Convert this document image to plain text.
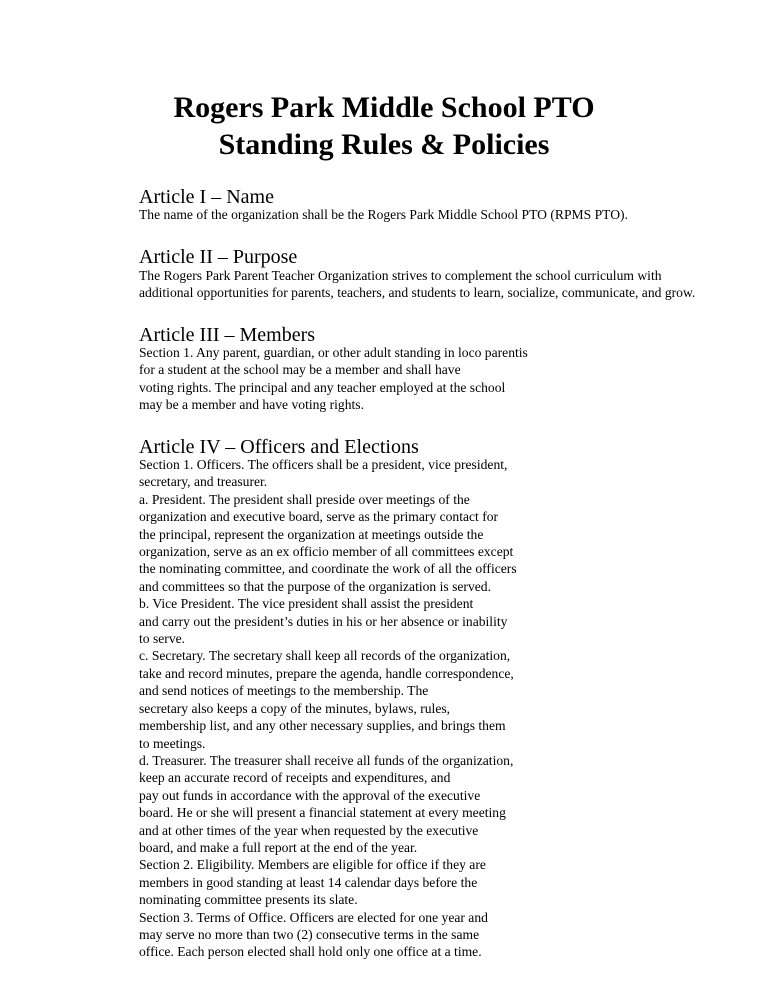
Rogers Park Middle School PTO
Standing Rules & Policies
Article I – Name
The name of the organization shall be the Rogers Park Middle School PTO (RPMS PTO).
Article II – Purpose
The Rogers Park Parent Teacher Organization strives to complement the school curriculum with
additional opportunities for parents, teachers, and students to learn, socialize, communicate, and grow.
Article III – Members
Section 1. Any parent, guardian, or other adult standing in loco parentis
for a student at the school may be a member and shall have
voting rights. The principal and any teacher employed at the school
may be a member and have voting rights.
Article IV – Officers and Elections
Section 1. Officers. The officers shall be a president, vice president,
secretary, and treasurer.
a. President. The president shall preside over meetings of the
organization and executive board, serve as the primary contact for
the principal, represent the organization at meetings outside the
organization, serve as an ex officio member of all committees except
the nominating committee, and coordinate the work of all the officers
and committees so that the purpose of the organization is served.
b. Vice President. The vice president shall assist the president
and carry out the president’s duties in his or her absence or inability
to serve.
c. Secretary. The secretary shall keep all records of the organization,
take and record minutes, prepare the agenda, handle correspondence,
and send notices of meetings to the membership. The
secretary also keeps a copy of the minutes, bylaws, rules,
membership list, and any other necessary supplies, and brings them
to meetings.
d. Treasurer. The treasurer shall receive all funds of the organization,
keep an accurate record of receipts and expenditures, and
pay out funds in accordance with the approval of the executive
board. He or she will present a financial statement at every meeting
and at other times of the year when requested by the executive
board, and make a full report at the end of the year.
Section 2. Eligibility. Members are eligible for office if they are
members in good standing at least 14 calendar days before the
nominating committee presents its slate.
Section 3. Terms of Office. Officers are elected for one year and
may serve no more than two (2) consecutive terms in the same
office. Each person elected shall hold only one office at a time.
